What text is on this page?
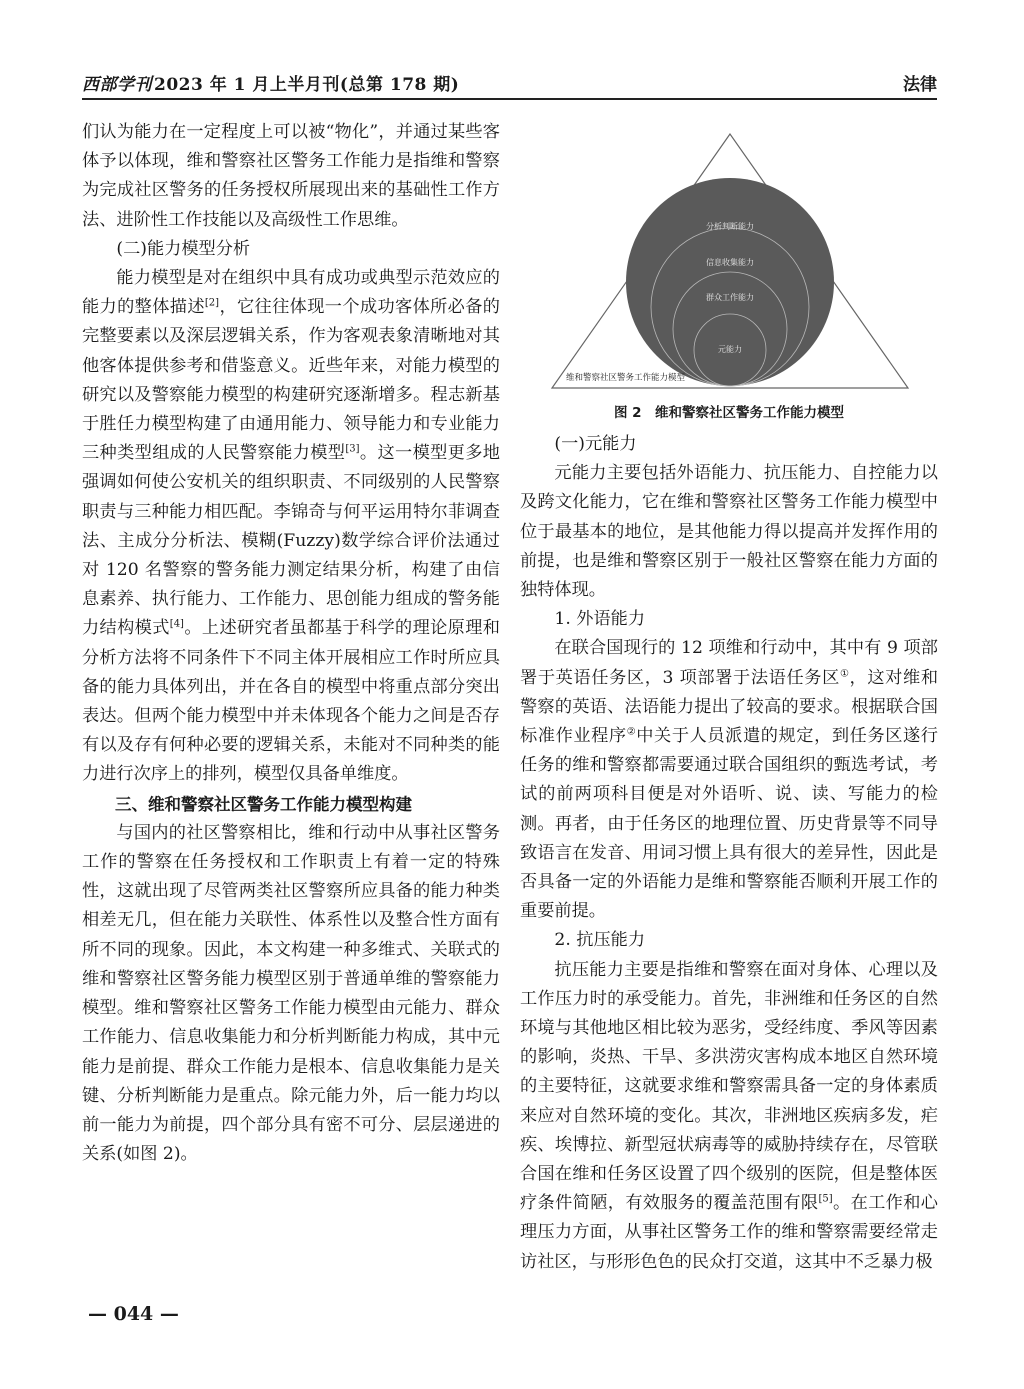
西部学刊 2023 年 1 月上半月刊(总第 178 期)	法律

们认为能力在一定程度上可以被“物化”，并通过某些客体予以体现，维和警察社区警务工作能力是指维和警察为完成社区警务的任务授权所展现出来的基础性工作方法、进阶性工作技能以及高级性工作思维。

(二)能力模型分析

能力模型是对在组织中具有成功或典型示范效应的能力的整体描述[2]，它往往体现一个成功客体所必备的完整要素以及深层逻辑关系，作为客观表象清晰地对其他客体提供参考和借鉴意义。近些年来，对能力模型的研究以及警察能力模型的构建研究逐渐增多。程志新基于胜任力模型构建了由通用能力、领导能力和专业能力三种类型组成的人民警察能力模型[3]。这一模型更多地强调如何使公安机关的组织职责、不同级别的人民警察职责与三种能力相匹配。李锦奇与何平运用特尔菲调查法、主成分分析法、模糊(Fuzzy)数学综合评价法通过对 120 名警察的警务能力测定结果分析，构建了由信息素养、执行能力、工作能力、思创能力组成的警务能力结构模式[4]。上述研究者虽都基于科学的理论原理和分析方法将不同条件下不同主体开展相应工作时所应具备的能力具体列出，并在各自的模型中将重点部分突出表达。但两个能力模型中并未体现各个能力之间是否存有以及存有何种必要的逻辑关系，未能对不同种类的能力进行次序上的排列，模型仅具备单维度。

三、维和警察社区警务工作能力模型构建

与国内的社区警察相比，维和行动中从事社区警务工作的警察在任务授权和工作职责上有着一定的特殊性，这就出现了尽管两类社区警察所应具备的能力种类相差无几，但在能力关联性、体系性以及整合性方面有所不同的现象。因此，本文构建一种多维式、关联式的维和警察社区警务能力模型区别于普通单维的警察能力模型。维和警察社区警务工作能力模型由元能力、群众工作能力、信息收集能力和分析判断能力构成，其中元能力是前提、群众工作能力是根本、信息收集能力是关键、分析判断能力是重点。除元能力外，后一能力均以前一能力为前提，四个部分具有密不可分、层层递进的关系(如图 2)。

分析判断能力
信息收集能力
群众工作能力
元能力
维和警察社区警务工作能力模型
图 2　维和警察社区警务工作能力模型
(一)元能力

元能力主要包括外语能力、抗压能力、自控能力以及跨文化能力，它在维和警察社区警务工作能力模型中位于最基本的地位，是其他能力得以提高并发挥作用的前提，也是维和警察区别于一般社区警察在能力方面的独特体现。

1. 外语能力

在联合国现行的 12 项维和行动中，其中有 9 项部署于英语任务区，3 项部署于法语任务区①，这对维和警察的英语、法语能力提出了较高的要求。根据联合国标准作业程序②中关于人员派遣的规定，到任务区遂行任务的维和警察都需要通过联合国组织的甄选考试，考试的前两项科目便是对外语听、说、读、写能力的检测。再者，由于任务区的地理位置、历史背景等不同导致语言在发音、用词习惯上具有很大的差异性，因此是否具备一定的外语能力是维和警察能否顺利开展工作的重要前提。

2. 抗压能力

抗压能力主要是指维和警察在面对身体、心理以及工作压力时的承受能力。首先，非洲维和任务区的自然环境与其他地区相比较为恶劣，受经纬度、季风等因素的影响，炎热、干旱、多洪涝灾害构成本地区自然环境的主要特征，这就要求维和警察需具备一定的身体素质来应对自然环境的变化。其次，非洲地区疾病多发，疟疾、埃博拉、新型冠状病毒等的威胁持续存在，尽管联合国在维和任务区设置了四个级别的医院，但是整体医疗条件简陋，有效服务的覆盖范围有限[5]。在工作和心理压力方面，从事社区警务工作的维和警察需要经常走访社区，与形形色色的民众打交道，这其中不乏暴力极

— 044 —
